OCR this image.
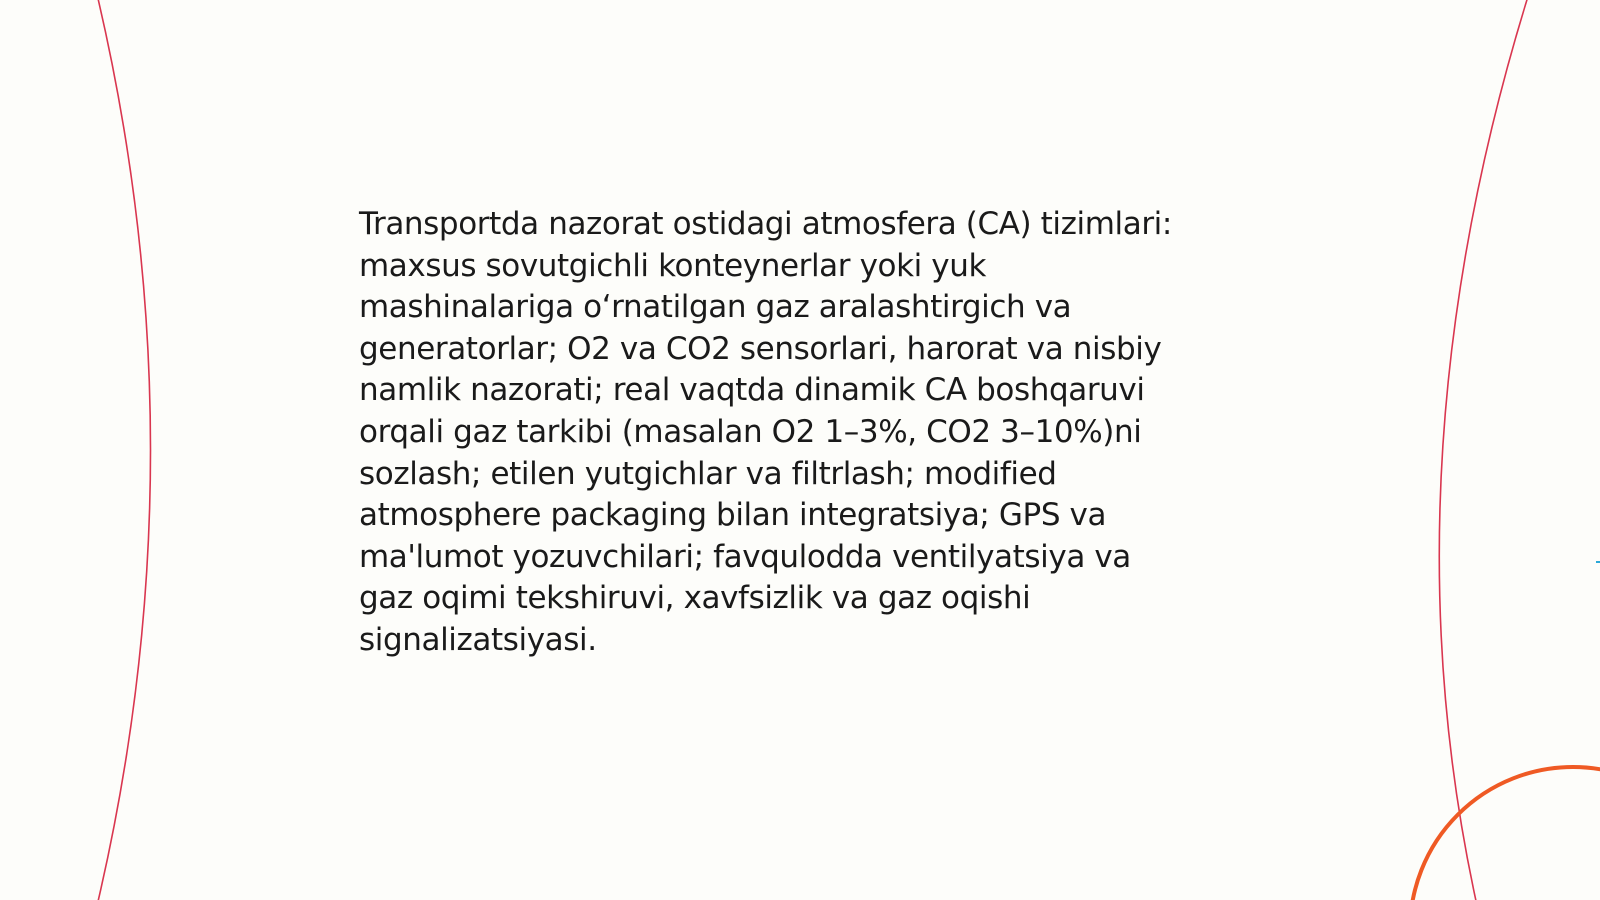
Transportda nazorat ostidagi atmosfera (CA) tizimlari:
maxsus sovutgichli konteynerlar yoki yuk
mashinalariga o‘rnatilgan gaz aralashtirgich va
generatorlar; O2 va CO2 sensorlari, harorat va nisbiy
namlik nazorati; real vaqtda dinamik CA boshqaruvi
orqali gaz tarkibi (masalan O2 1–3%, CO2 3–10%)ni
sozlash; etilen yutgichlar va filtrlash; modified
atmosphere packaging bilan integratsiya; GPS va
ma'lumot yozuvchilari; favqulodda ventilyatsiya va
gaz oqimi tekshiruvi, xavfsizlik va gaz oqishi
signalizatsiyasi.
